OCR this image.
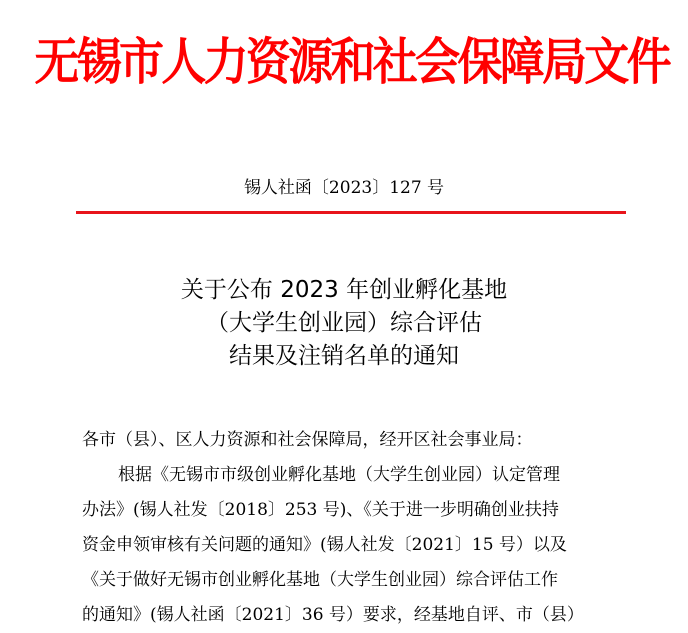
无锡市人力资源和社会保障局文件
锡人社函〔2023〕127 号
关于公布 2023 年创业孵化基地
（大学生创业园）综合评估
结果及注销名单的通知

各市（县）、区人力资源和社会保障局，经开区社会事业局：

根据《无锡市市级创业孵化基地（大学生创业园）认定管理

办法》(锡人社发〔2018〕253 号)、《关于进一步明确创业扶持

资金申领审核有关问题的通知》(锡人社发〔2021〕15 号）以及

《关于做好无锡市创业孵化基地（大学生创业园）综合评估工作

的通知》(锡人社函〔2021〕36 号）要求，经基地自评、市（县）
